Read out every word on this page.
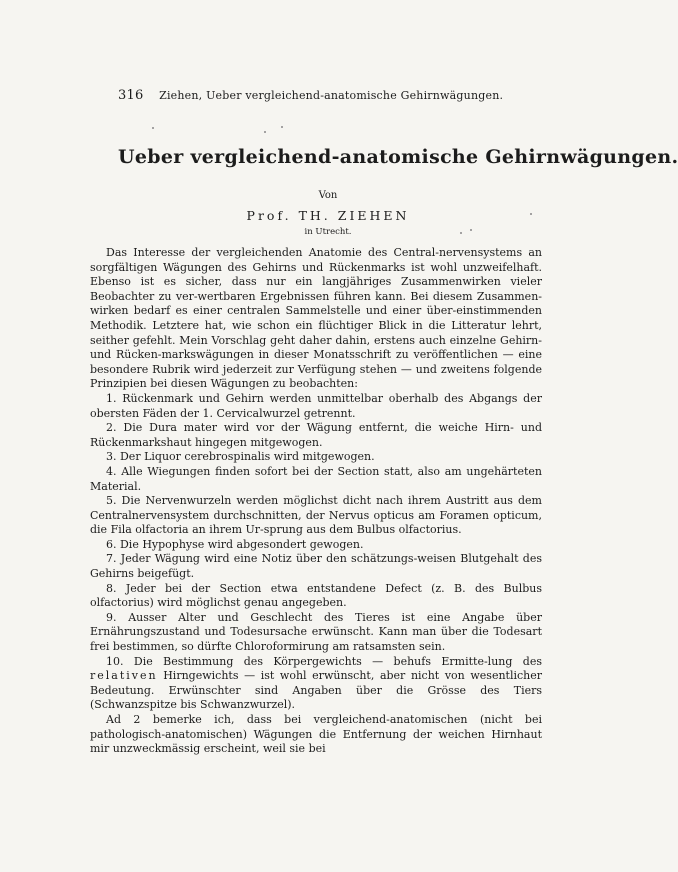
316 Ziehen, Ueber vergleichend-anatomische Gehirnwägungen.
Ueber vergleichend-anatomische Gehirnwägungen.
Von
Prof. TH. ZIEHEN
in Utrecht.

Das Interesse der vergleichenden Anatomie des Central-nervensystems an sorgfältigen Wägungen des Gehirns und Rückenmarks ist wohl unzweifelhaft. Ebenso ist es sicher, dass nur ein langjähriges Zusammenwirken vieler Beobachter zu ver-wertbaren Ergebnissen führen kann. Bei diesem Zusammen-wirken bedarf es einer centralen Sammelstelle und einer über-einstimmenden Methodik. Letztere hat, wie schon ein flüchtiger Blick in die Litteratur lehrt, seither gefehlt. Mein Vorschlag geht daher dahin, erstens auch einzelne Gehirn- und Rücken-markswägungen in dieser Monatsschrift zu veröffentlichen — eine besondere Rubrik wird jederzeit zur Verfügung stehen — und zweitens folgende Prinzipien bei diesen Wägungen zu beobachten:

1. Rückenmark und Gehirn werden unmittelbar oberhalb des Abgangs der obersten Fäden der 1. Cervicalwurzel getrennt.

2. Die Dura mater wird vor der Wägung entfernt, die weiche Hirn- und Rückenmarkshaut hingegen mitgewogen.

3. Der Liquor cerebrospinalis wird mitgewogen.

4. Alle Wiegungen finden sofort bei der Section statt, also am ungehärteten Material.

5. Die Nervenwurzeln werden möglichst dicht nach ihrem Austritt aus dem Centralnervensystem durchschnitten, der Nervus opticus am Foramen opticum, die Fila olfactoria an ihrem Ur-sprung aus dem Bulbus olfactorius.

6. Die Hypophyse wird abgesondert gewogen.

7. Jeder Wägung wird eine Notiz über den schätzungs-weisen Blutgehalt des Gehirns beigefügt.

8. Jeder bei der Section etwa entstandene Defect (z. B. des Bulbus olfactorius) wird möglichst genau angegeben.

9. Ausser Alter und Geschlecht des Tieres ist eine Angabe über Ernährungszustand und Todesursache erwünscht. Kann man über die Todesart frei bestimmen, so dürfte Chloroformirung am ratsamsten sein.

10. Die Bestimmung des Körpergewichts — behufs Ermitte-lung des relativen Hirngewichts — ist wohl erwünscht, aber nicht von wesentlicher Bedeutung. Erwünschter sind Angaben über die Grösse des Tiers (Schwanzspitze bis Schwanzwurzel).

Ad 2 bemerke ich, dass bei vergleichend-anatomischen (nicht bei pathologisch-anatomischen) Wägungen die Entfernung der weichen Hirnhaut mir unzweckmässig erscheint, weil sie bei
